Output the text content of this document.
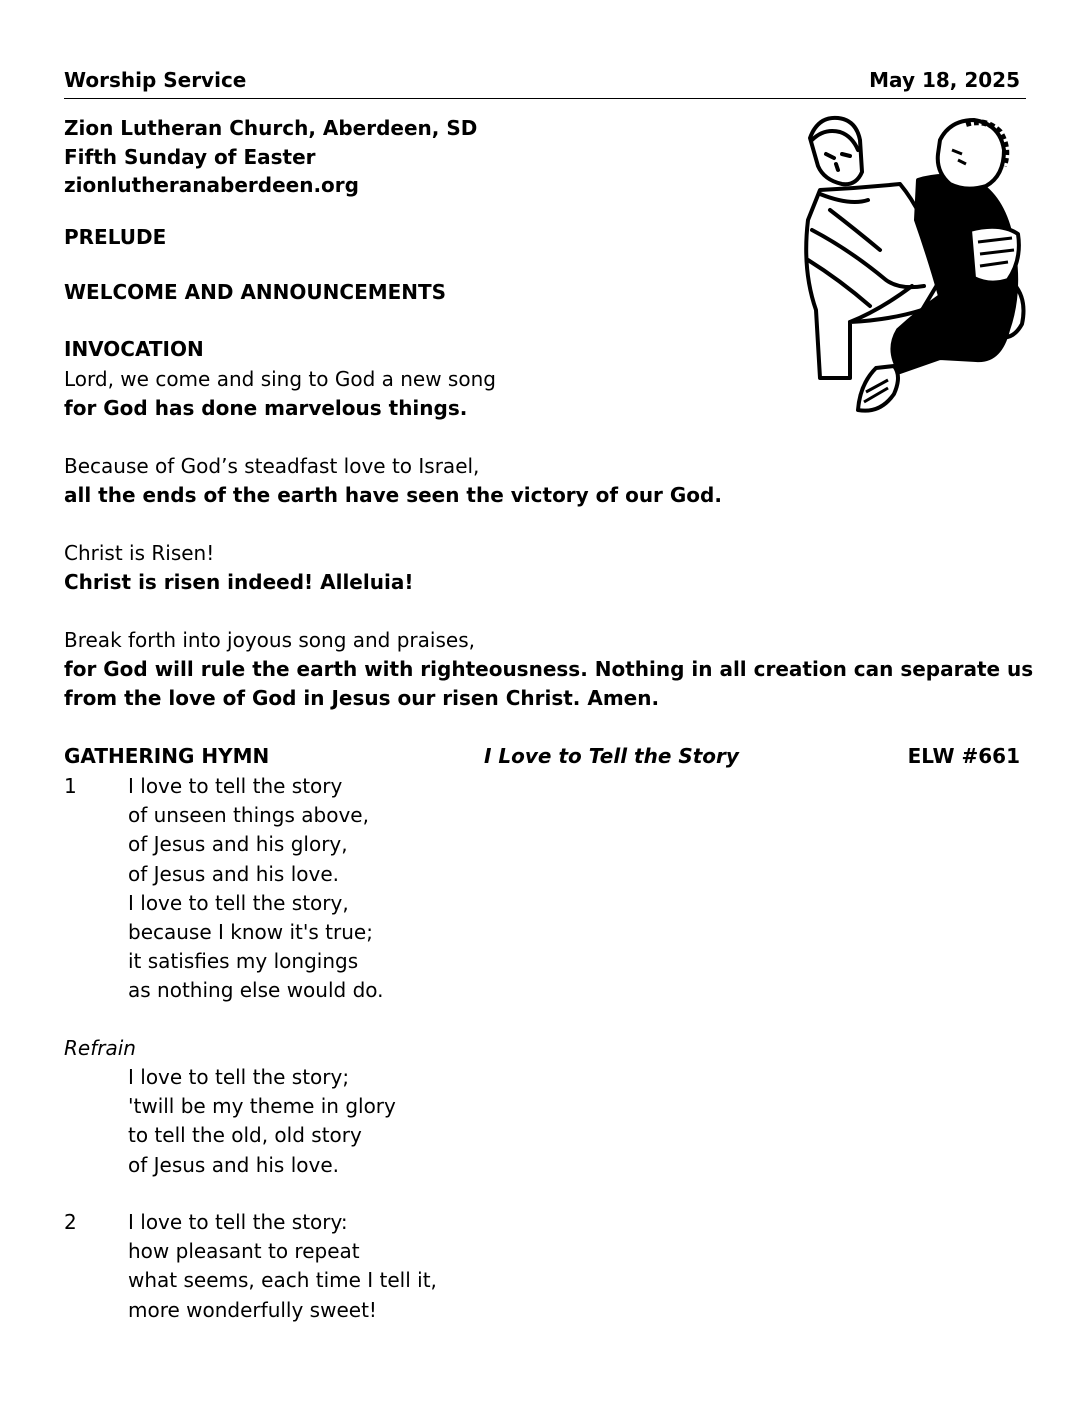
Worship Service	May 18, 2025
Zion Lutheran Church, Aberdeen, SD
Fifth Sunday of Easter
zionlutheranaberdeen.org
PRELUDE
WELCOME AND ANNOUNCEMENTS
INVOCATION
Lord, we come and sing to God a new song
for God has done marvelous things.
Because of God’s steadfast love to Israel,
all the ends of the earth have seen the victory of our God.
Christ is Risen!
Christ is risen indeed! Alleluia!
Break forth into joyous song and praises,
for God will rule the earth with righteousness. Nothing in all creation can separate us
from the love of God in Jesus our risen Christ. Amen.
GATHERING HYMN	I Love to Tell the Story	ELW #661
1	I love to tell the story
of unseen things above,
of Jesus and his glory,
of Jesus and his love.
I love to tell the story,
because I know it's true;
it satisfies my longings
as nothing else would do.
Refrain
I love to tell the story;
'twill be my theme in glory
to tell the old, old story
of Jesus and his love.
2	I love to tell the story:
how pleasant to repeat
what seems, each time I tell it,
more wonderfully sweet!
